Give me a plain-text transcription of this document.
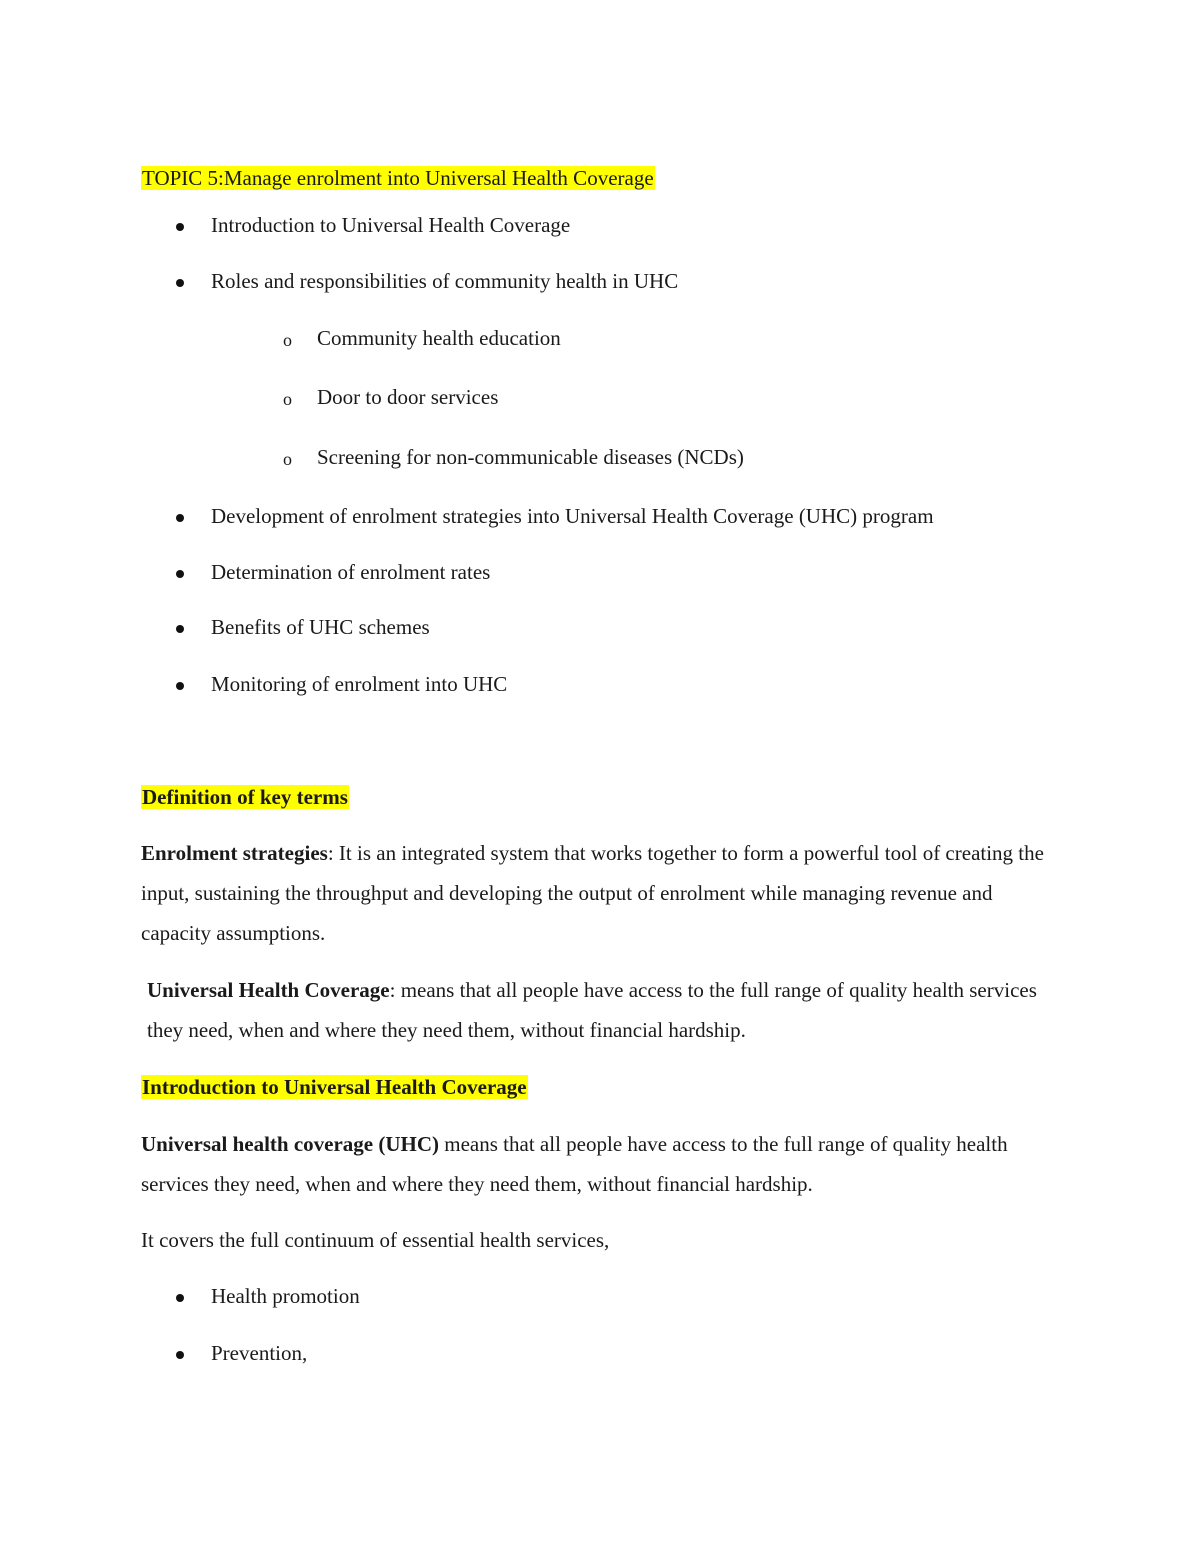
TOPIC 5:Manage enrolment into Universal Health Coverage
Introduction to Universal Health Coverage
Roles and responsibilities of community health in UHC
o Community health education
o Door to door services
o Screening for non-communicable diseases (NCDs)
Development of enrolment strategies into Universal Health Coverage (UHC) program
Determination of enrolment rates
Benefits of UHC schemes
Monitoring of enrolment into UHC
Definition of key terms
Enrolment strategies: It is an integrated system that works together to form a powerful tool of creating the input, sustaining the throughput and developing the output of enrolment while managing revenue and capacity assumptions.
Universal Health Coverage: means that all people have access to the full range of quality health services they need, when and where they need them, without financial hardship.
Introduction to Universal Health Coverage
Universal health coverage (UHC) means that all people have access to the full range of quality health services they need, when and where they need them, without financial hardship.
It covers the full continuum of essential health services,
Health promotion
Prevention,
